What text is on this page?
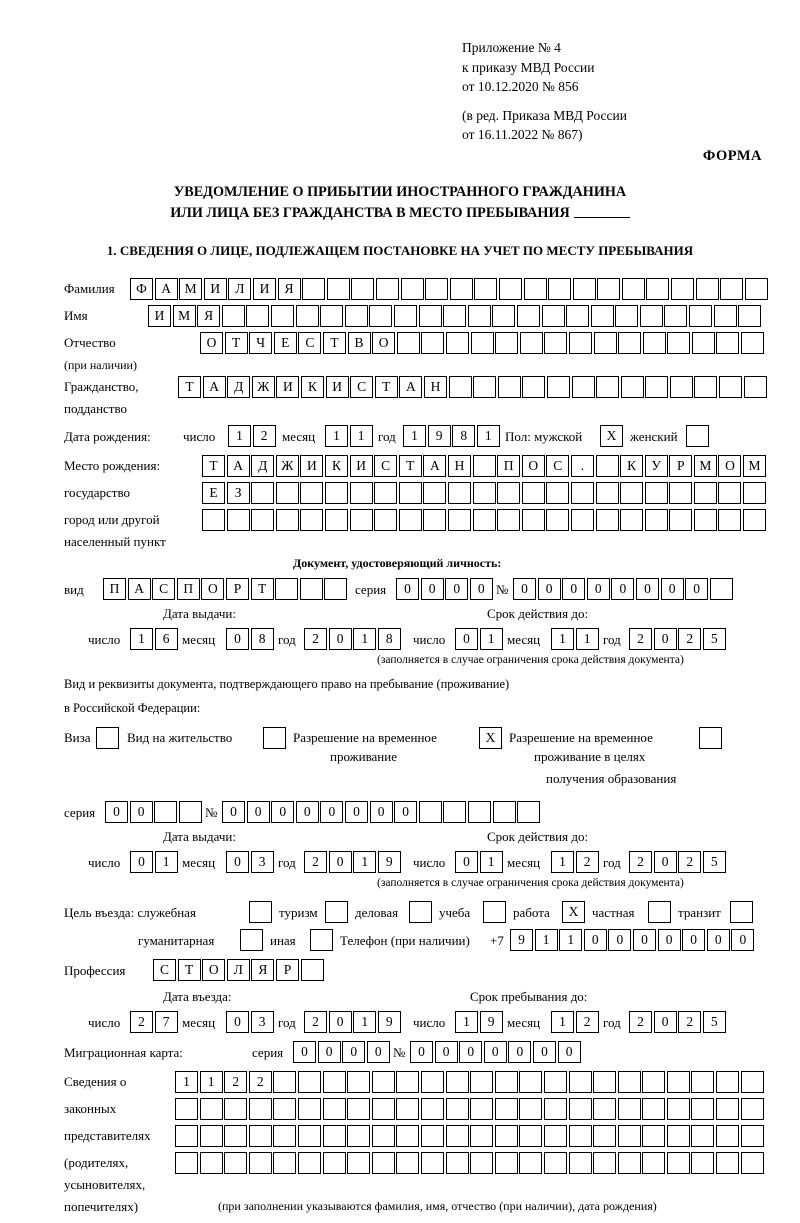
Приложение № 4
к приказу МВД России
от 10.12.2020 № 856
(в ред. Приказа МВД России
от 16.11.2022 № 867)
ФОРМА
УВЕДОМЛЕНИЕ О ПРИБЫТИИ ИНОСТРАННОГО ГРАЖДАНИНА
ИЛИ ЛИЦА БЕЗ ГРАЖДАНСТВА В МЕСТО ПРЕБЫВАНИЯ
1. СВЕДЕНИЯ О ЛИЦЕ, ПОДЛЕЖАЩЕМ ПОСТАНОВКЕ НА УЧЕТ ПО МЕСТУ ПРЕБЫВАНИЯ
Фамилия	Ф	А	М	И	Л	И	Я
Имя	И	М	Я
Отчество	О	Т	Ч	Е	С	Т	В	О
(при наличии)
Гражданство,	Т	А	Д	Ж	И	К	И	С	Т	А	Н
подданство
Дата рождения: число	1	2	месяц	1	1	год	1	9	8	1	Пол: мужской	X	женский
Место рождения:	Т	А	Д	Ж	И	К	И	С	Т	А	Н	П	О	С	.	К	У	Р	М	О	М
государство	Е	З
город или другой
населенный пункт
Документ, удостоверяющий личность:
вид	П	А	С	П	О	Р	Т	серия	0	0	0	0 № 0	0	0	0	0	0	0	0
Дата выдачи:	Срок действия до:
число	1	6 месяц	0	8 год	2	0	1	8	число	0	1 месяц	1	1 год	2	0	2	5
(заполняется в случае ограничения срока действия документа)
Вид и реквизиты документа, подтверждающего право на пребывание (проживание)
в Российской Федерации:
Виза	Вид на жительство	Разрешение на временное	X	Разрешение на временное
проживание	проживание в целях
получения образования
серия	0	0	№ 0	0	0	0	0	0	0	0
Дата выдачи:	Срок действия до:
число	0	1 месяц	0	3 год	2	0	1	9	число	0	1 месяц	1	2 год	2	0	2	5
(заполняется в случае ограничения срока действия документа)
Цель въезда: служебная	туризм	деловая	учеба	работа	X	частная	транзит
гуманитарная	иная	Телефон (при наличии) +7	9	1	1	0	0	0	0	0	0	0
Профессия	С	Т	О	Л	Я	Р
Дата въезда:	Срок пребывания до:
число	2	7 месяц	0	3 год	2	0	1	9	число	1	9 месяц	1	2 год	2	0	2	5
Миграционная карта:	серия	0	0	0	0 № 0	0	0	0	0	0	0
Сведения о	1	1	2	2
законных
представителях
(родителях,
усыновителях,
попечителях)	(при заполнении указываются фамилия, имя, отчество (при наличии), дата рождения)
